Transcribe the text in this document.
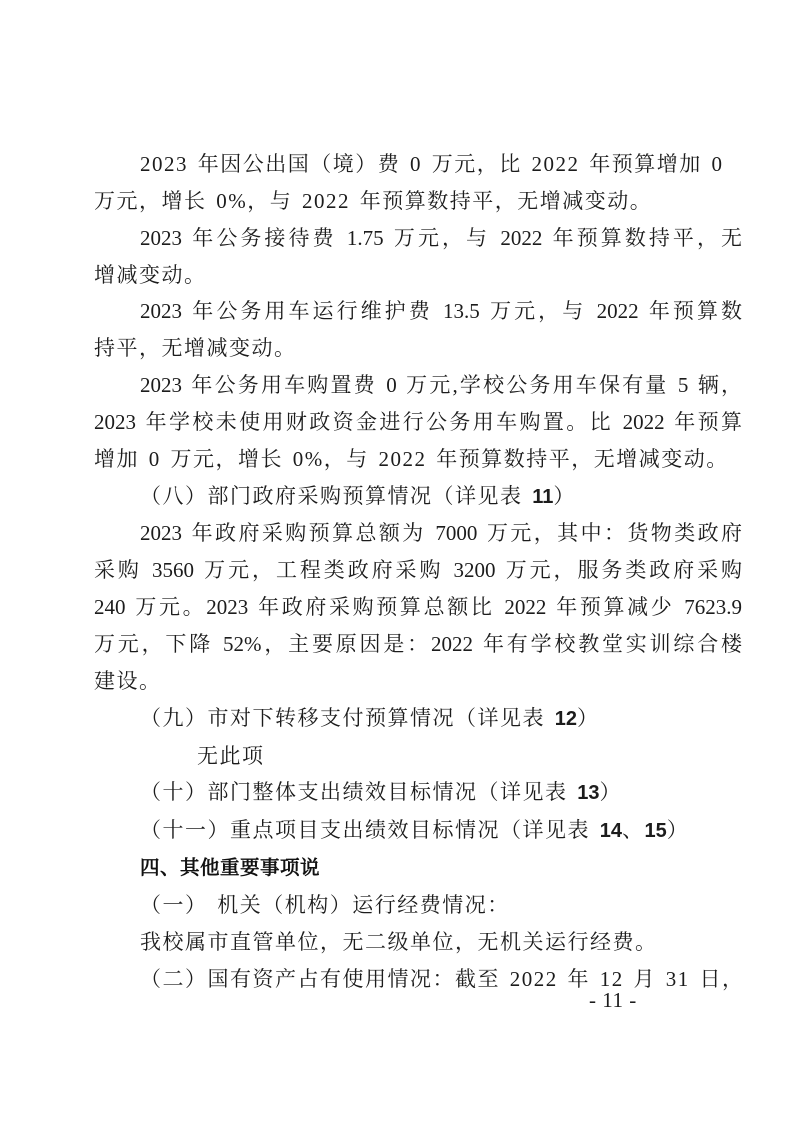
2023 年因公出国（境）费 0 万元，比 2022 年预算增加 0
万元，增长 0%，与 2022 年预算数持平，无增减变动。
2023 年公务接待费 1.75 万元，与 2022 年预算数持平，无
增减变动。
2023 年公务用车运行维护费 13.5 万元，与 2022 年预算数
持平，无增减变动。
2023 年公务用车购置费 0 万元,学校公务用车保有量 5 辆，
2023 年学校未使用财政资金进行公务用车购置。比 2022 年预算
增加 0 万元，增长 0%，与 2022 年预算数持平，无增减变动。
（八）部门政府采购预算情况（详见表 11）
2023 年政府采购预算总额为 7000 万元，其中：货物类政府
采购 3560 万元，工程类政府采购 3200 万元，服务类政府采购
240 万元。2023 年政府采购预算总额比 2022 年预算减少 7623.9
万元，下降 52%，主要原因是：2022 年有学校教堂实训综合楼
建设。
（九）市对下转移支付预算情况（详见表 12）
无此项
（十）部门整体支出绩效目标情况（详见表 13）
（十一）重点项目支出绩效目标情况（详见表 14、15）
四、其他重要事项说
（一） 机关（机构）运行经费情况：
我校属市直管单位，无二级单位，无机关运行经费。
（二）国有资产占有使用情况：截至 2022 年 12 月 31 日，
- 11 -
